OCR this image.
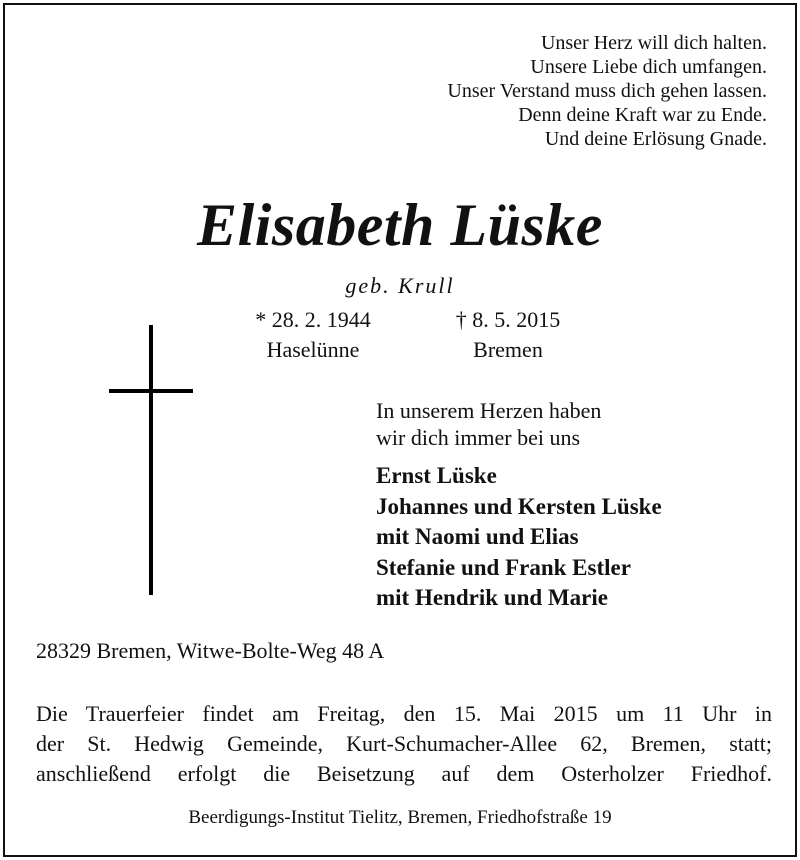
Unser Herz will dich halten.
Unsere Liebe dich umfangen.
Unser Verstand muss dich gehen lassen.
Denn deine Kraft war zu Ende.
Und deine Erlösung Gnade.
Elisabeth Lüske
geb. Krull
* 28. 2. 1944
Haselünne
† 8. 5. 2015
Bremen
In unserem Herzen haben
wir dich immer bei uns
Ernst Lüske
Johannes und Kersten Lüske
mit Naomi und Elias
Stefanie und Frank Estler
mit Hendrik und Marie
28329 Bremen, Witwe-Bolte-Weg 48 A
Die Trauerfeier findet am Freitag, den 15. Mai 2015 um 11 Uhr in
der St. Hedwig Gemeinde, Kurt-Schumacher-Allee 62, Bremen, statt;
anschließend erfolgt die Beisetzung auf dem Osterholzer Friedhof.
Beerdigungs-Institut Tielitz, Bremen, Friedhofstraße 19
